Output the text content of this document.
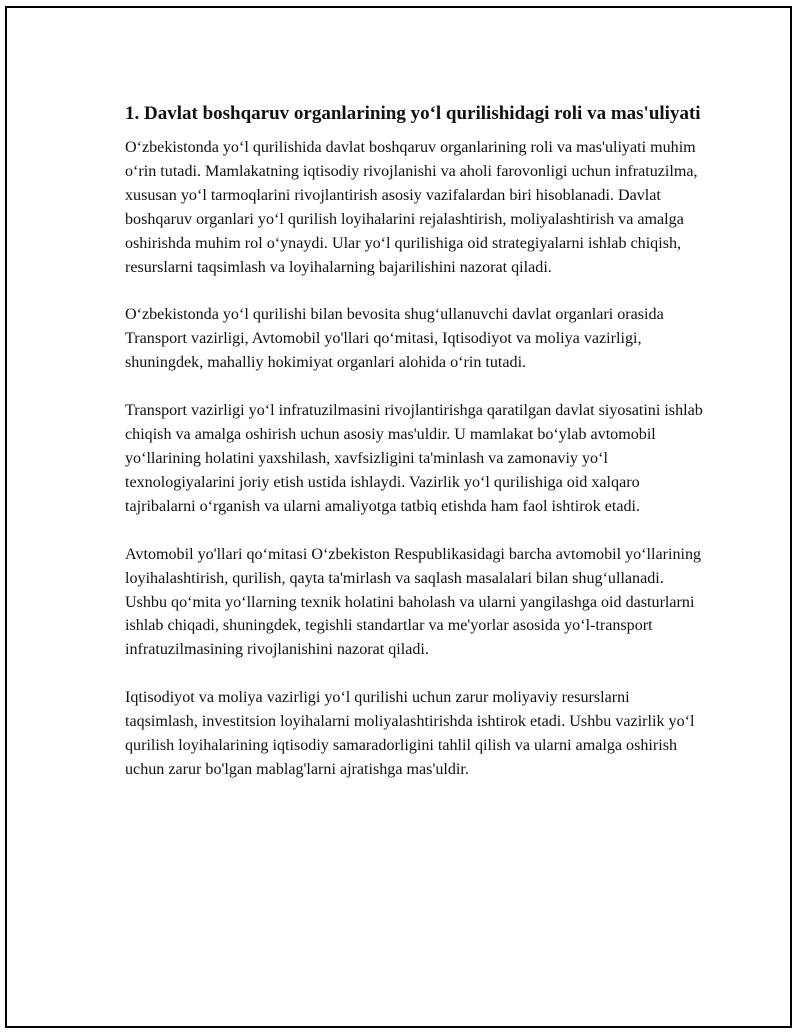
1. Davlat boshqaruv organlarining yo‘l qurilishidagi roli va mas'uliyati

O‘zbekistonda yo‘l qurilishida davlat boshqaruv organlarining roli va mas'uliyati muhim o‘rin tutadi. Mamlakatning iqtisodiy rivojlanishi va aholi farovonligi uchun infratuzilma, xususan yo‘l tarmoqlarini rivojlantirish asosiy vazifalardan biri hisoblanadi. Davlat boshqaruv organlari yo‘l qurilish loyihalarini rejalashtirish, moliyalashtirish va amalga oshirishda muhim rol o‘ynaydi. Ular yo‘l qurilishiga oid strategiyalarni ishlab chiqish, resurslarni taqsimlash va loyihalarning bajarilishini nazorat qiladi.

O‘zbekistonda yo‘l qurilishi bilan bevosita shug‘ullanuvchi davlat organlari orasida Transport vazirligi, Avtomobil yo'llari qo‘mitasi, Iqtisodiyot va moliya vazirligi, shuningdek, mahalliy hokimiyat organlari alohida o‘rin tutadi.

Transport vazirligi yo‘l infratuzilmasini rivojlantirishga qaratilgan davlat siyosatini ishlab chiqish va amalga oshirish uchun asosiy mas'uldir. U mamlakat bo‘ylab avtomobil yo‘llarining holatini yaxshilash, xavfsizligini ta'minlash va zamonaviy yo‘l texnologiyalarini joriy etish ustida ishlaydi. Vazirlik yo‘l qurilishiga oid xalqaro tajribalarni o‘rganish va ularni amaliyotga tatbiq etishda ham faol ishtirok etadi.

Avtomobil yo'llari qo‘mitasi O‘zbekiston Respublikasidagi barcha avtomobil yo‘llarining loyihalashtirish, qurilish, qayta ta'mirlash va saqlash masalalari bilan shug‘ullanadi. Ushbu qo‘mita yo‘llarning texnik holatini baholash va ularni yangilashga oid dasturlarni ishlab chiqadi, shuningdek, tegishli standartlar va me'yorlar asosida yo‘l-transport infratuzilmasining rivojlanishini nazorat qiladi.

Iqtisodiyot va moliya vazirligi yo‘l qurilishi uchun zarur moliyaviy resurslarni taqsimlash, investitsion loyihalarni moliyalashtirishda ishtirok etadi. Ushbu vazirlik yo‘l qurilish loyihalarining iqtisodiy samaradorligini tahlil qilish va ularni amalga oshirish uchun zarur bo'lgan mablag'larni ajratishga mas'uldir.
